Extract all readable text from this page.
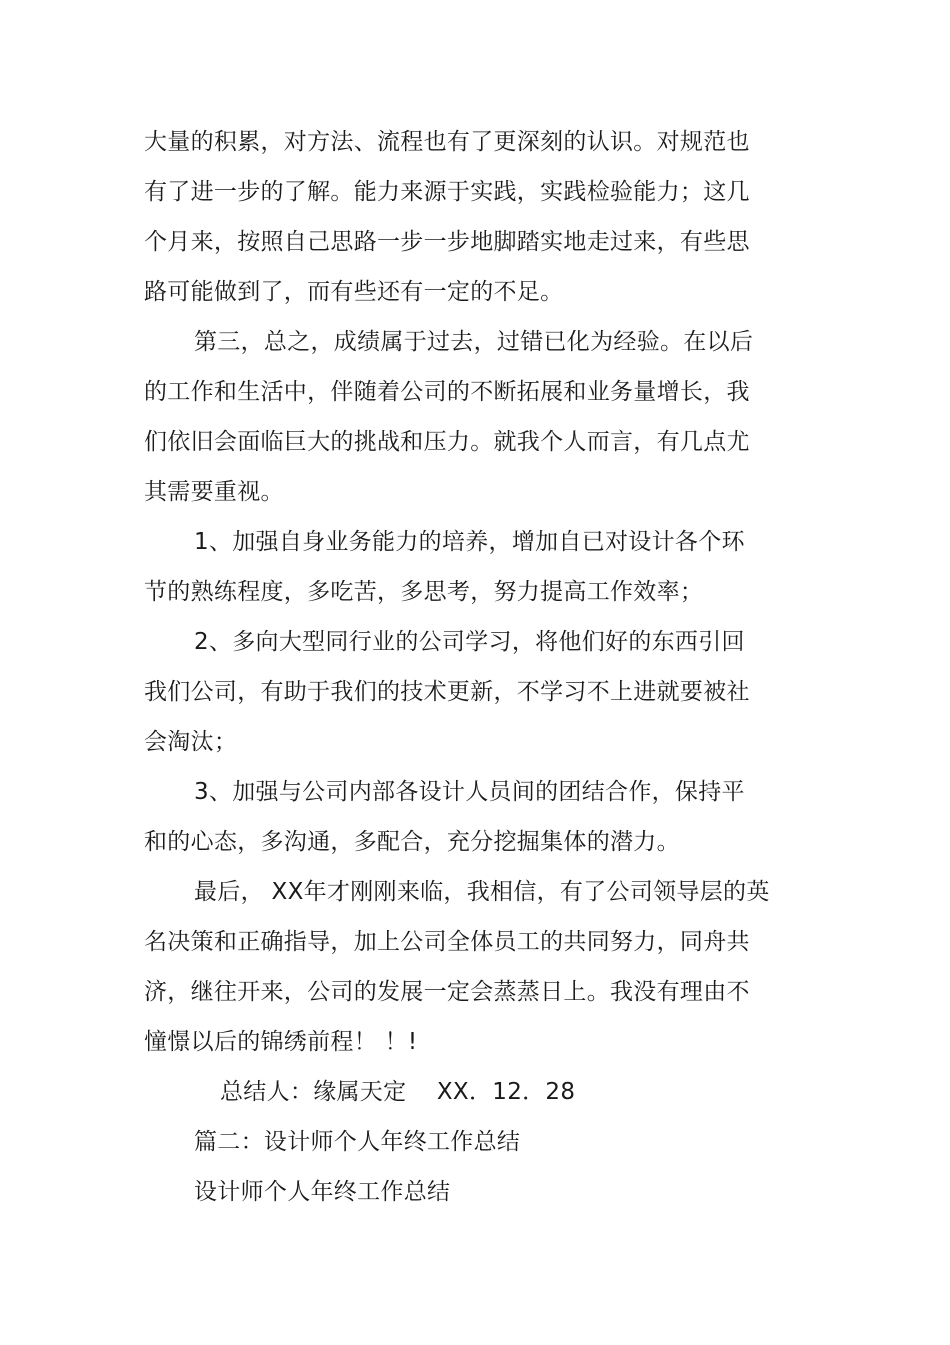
大量的积累，对方法、流程也有了更深刻的认识。对规范也
有了进一步的了解。能力来源于实践，实践检验能力；这几
个月来，按照自己思路一步一步地脚踏实地走过来，有些思
路可能做到了，而有些还有一定的不足。
第三，总之，成绩属于过去，过错已化为经验。在以后
的工作和生活中，伴随着公司的不断拓展和业务量增长，我
们依旧会面临巨大的挑战和压力。就我个人而言，有几点尤
其需要重视。
1、加强自身业务能力的培养，增加自已对设计各个环
节的熟练程度，多吃苦，多思考，努力提高工作效率；
2、多向大型同行业的公司学习，将他们好的东西引回
我们公司，有助于我们的技术更新，不学习不上进就要被社
会淘汰；
3、加强与公司内部各设计人员间的团结合作，保持平
和的心态，多沟通，多配合，充分挖掘集体的潜力。
最后， XX年才刚刚来临，我相信，有了公司领导层的英
名决策和正确指导，加上公司全体员工的共同努力，同舟共
济，继往开来，公司的发展一定会蒸蒸日上。我没有理由不
憧憬以后的锦绣前程！ ！!
总结人：缘属天定    XX．12．28
篇二：设计师个人年终工作总结
设计师个人年终工作总结
